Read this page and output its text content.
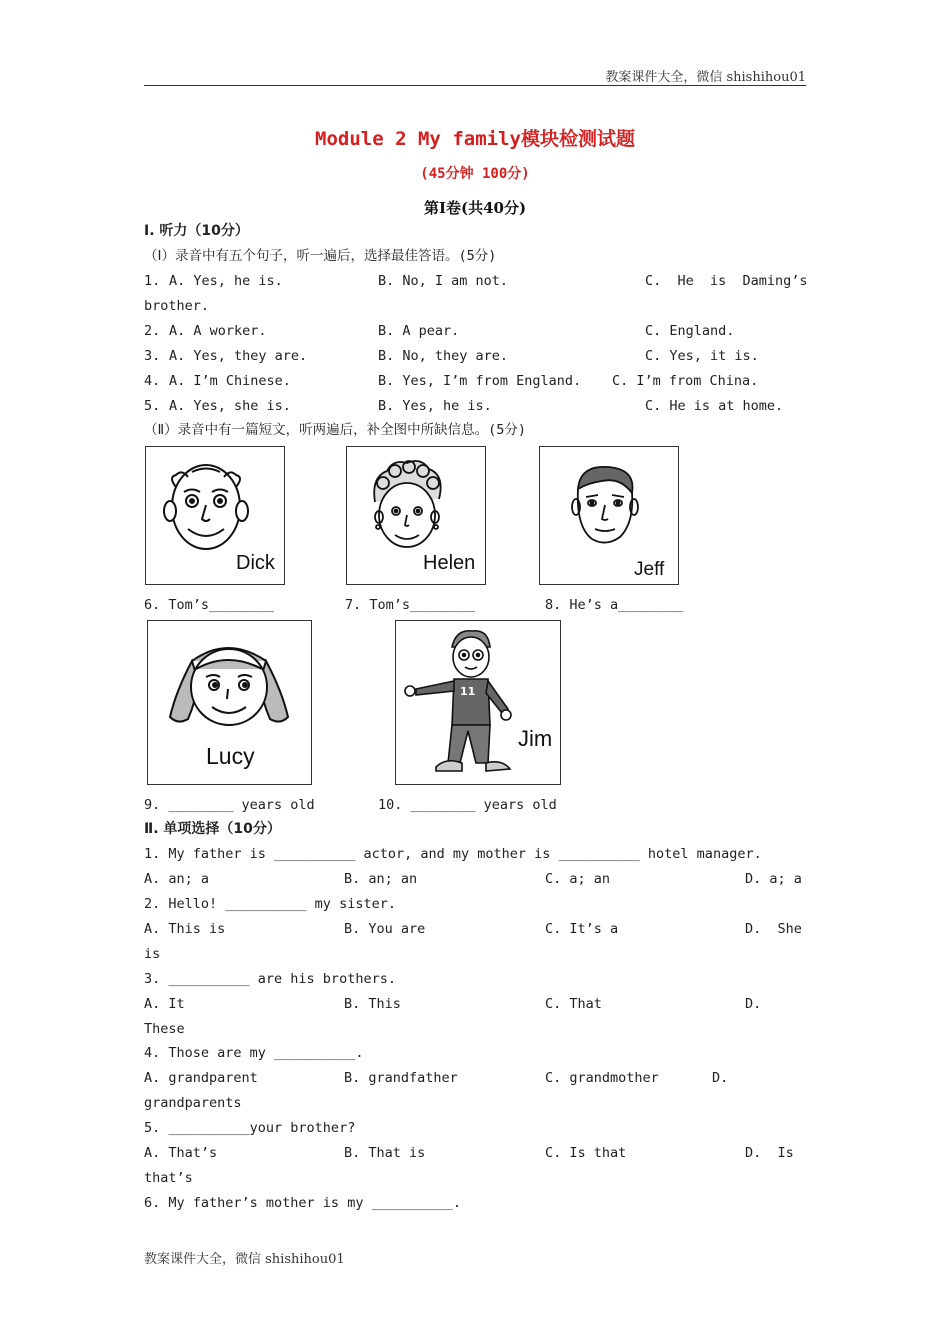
教案课件大全，微信 shishihou01
Module 2 My family模块检测试题
(45分钟 100分)
第Ⅰ卷(共40分)
Ⅰ. 听力（10分）
（Ⅰ）录音中有五个句子，听一遍后，选择最佳答语。(5分)
1. A. Yes, he is.	B. No, I am not.	C.  He  is  Daming’s
brother.
2. A. A worker.	B. A pear.	C. England.
3. A. Yes, they are.	B. No, they are.	C. Yes, it is.
4. A. I’m Chinese.	B. Yes, I’m from England. C. I’m from China.
5. A. Yes, she is.	B. Yes, he is.	C. He is at home.
（Ⅱ）录音中有一篇短文，听两遍后，补全图中所缺信息。(5分)
Dick	Helen	Jeff
6. Tom’s________	7. Tom’s________	8. He’s a________
Lucy
11
Jim
9. ________ years old	10. ________ years old
Ⅱ. 单项选择（10分）
1. My father is __________ actor, and my mother is __________ hotel manager.
A. an; a	B. an; an	C. a; an	D. a; a
2. Hello! __________ my sister.
A. This is	B. You are	C. It’s a	D.  She
is
3. __________ are his brothers.
A. It	B. This	C. That	D.
These
4. Those are my __________.
A. grandparent	B. grandfather	C. grandmother	D.
grandparents
5. __________your brother?
A. That’s	B. That is	C. Is that	D.  Is
that’s
6. My father’s mother is my __________.
教案课件大全，微信 shishihou01
